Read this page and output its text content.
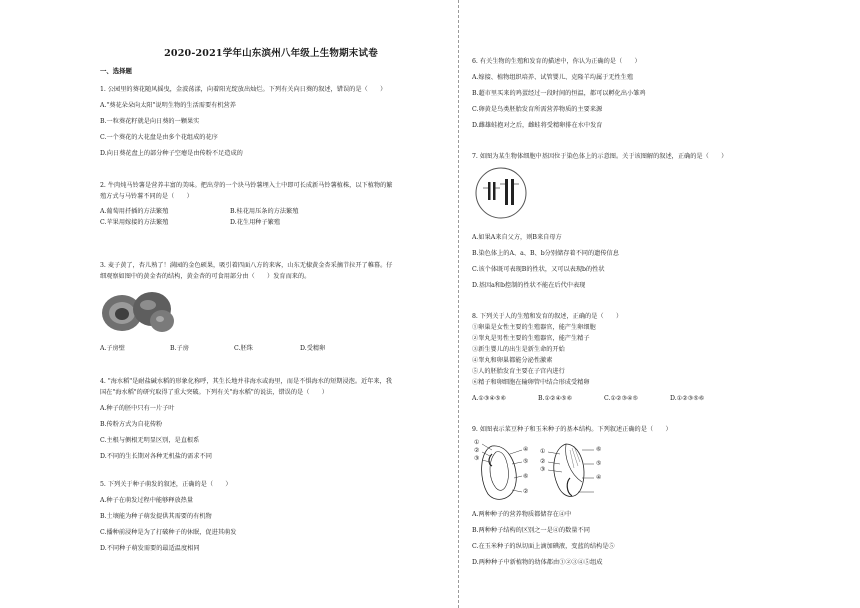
2020-2021学年山东滨州八年级上生物期末试卷
一、选择题
1. 公园里的葵花随风摇曳，金波荡漾，向着阳光绽放出灿烂。下列有关向日葵的叙述，错误的是（　　）
A."葵花朵朵向太阳"说明生物的生活需要有机营养
B.一粒葵花籽就是向日葵的一颗果实
C.一个葵花的大花盘是由多个花组成的花序
D.向日葵花盘上的部分种子空瘪是由传粉不足造成的
2. 牛肉炖马铃薯是营养丰富的美味。把出芽的一个块马铃薯埋入土中即可长成新马铃薯植株，以下植物的繁
殖方式与马铃薯不同的是（　　）
A.葡萄用扦插的方法繁殖	B.桂花用压条的方法繁殖
C.苹果用嫁接的方法繁殖	D.花生用种子繁殖
3. 麦子黄了，杏儿熟了！满园的金色硕果，吸引着四面八方的来客，山东无棣黄金杏采摘节拉开了帷幕。仔
细观察如图中的黄金杏的结构，黄金杏的可食用部分由（　　）发育而来的。
A.子房壁	B.子房	C.胚珠	D.受精卵
4. "海水稻"是耐盐碱水稻的形象化称呼，其生长地并非海水或海里，而是不惧海水的短期浸泡。近年来，我
国在"海水稻"的研究取得了重大突破。下列有关"海水稻"的说法，错误的是（　　）
A.种子的胚中只有一片子叶
B.传粉方式为自花传粉
C.主根与侧根无明显区别，是直根系
D.不同的生长期对各种无机盐的需求不同
5. 下列关于种子萌发的叙述，正确的是（　　）
A.种子在萌发过程中能够释放热量
B.土壤能为种子萌发提供其需要的有机物
C.播种前浸种是为了打破种子的休眠，促进其萌发
D.不同种子萌发需要的最适温度相同
6. 有关生物的生殖和发育的描述中，你认为正确的是（　　）
A.嫁接、植物组织培养、试管婴儿、克隆羊均属于无性生殖
B.超市里买来的鸡蛋经过一段时间的恒温，都可以孵化出小雏鸡
C.卵黄是鸟类胚胎发育所需营养物质的主要来源
D.雌雄蛙抱对之后，雌蛙将受精卵排在水中发育
7. 如图为某生物体细胞中基因位于染色体上的示意图。关于该图解的叙述，正确的是（　　）
A.如果A来自父方，则B来自母方
B.染色体上的A、a、B、b分别储存着不同的遗传信息
C.该个体既可表现B的性状，又可以表现b的性状
D.基因a和b控制的性状不能在后代中表现
8. 下列关于人的生殖和发育的叙述，正确的是（　　）
①卵巢是女性主要的生殖器官，能产生卵细胞
②睾丸是男性主要的生殖器官，能产生精子
③新生婴儿的出生是新生命的开始
④睾丸和卵巢都能分泌性激素
⑤人的胚胎发育主要在子宫内进行
⑥精子和卵细胞在输卵管中结合形成受精卵
A.①③④⑤⑥	B.①②④⑤⑥	C.①②③④⑤	D.①②③⑤⑥
9. 如图表示菜豆种子和玉米种子的基本结构。下列叙述正确的是（　　）
①
②
③
④
⑤
⑥
②
①
②
③
⑥
⑤
④
A.两种种子的营养物质都储存在④中
B.两种种子结构的区别之一是④的数量不同
C.在玉米种子的纵切面上滴加碘液，变蓝的结构是⑤
D.两种种子中新植物的幼体都由①②③④⑤组成
